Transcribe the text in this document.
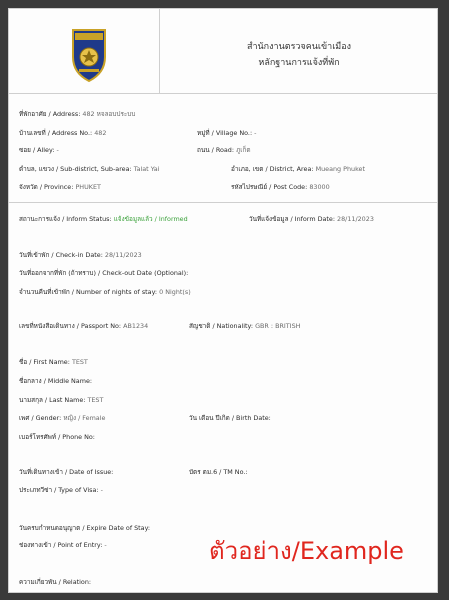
สำนักงานตรวจคนเข้าเมือง
หลักฐานการแจ้งที่พัก
ที่พักอาศัย / Address: 482 หจลอบประบบ
บ้านเลขที่ / Address No.: 482	หมู่ที่ / Village No.: -
ซอย / Alley: -	ถนน / Road: ภูเก็ต
ตำบล, แขวง / Sub-district, Sub-area: Talat Yai	อำเภอ, เขต / District, Area: Mueang Phuket
จังหวัด / Province: PHUKET	รหัสไปรษณีย์ / Post Code: 83000
สถานะการแจ้ง / Inform Status: แจ้งข้อมูลแล้ว / Informed	วันที่แจ้งข้อมูล / Inform Date: 28/11/2023
วันที่เข้าพัก / Check-in Date: 28/11/2023
วันที่ออกจากที่พัก (ถ้าทราบ) / Check-out Date (Optional):
จำนวนคืนที่เข้าพัก / Number of nights of stay: 0 Night(s)
เลขที่หนังสือเดินทาง / Passport No: AB1234	สัญชาติ / Nationality: GBR : BRITISH
ชื่อ / First Name: TEST
ชื่อกลาง / Middle Name:
นามสกุล / Last Name: TEST
เพศ / Gender: หญิง / Female	วัน เดือน ปีเกิด / Birth Date:
เบอร์โทรศัพท์ / Phone No:
วันที่เดินทางเข้า / Date of Issue:	บัตร ตม.6 / TM No.:
ประเภทวีซ่า / Type of Visa: -
วันครบกำหนดอนุญาต / Expire Date of Stay:
ช่องทางเข้า / Point of Entry: -
ความเกี่ยวพัน / Relation:
ตัวอย่าง/Example
